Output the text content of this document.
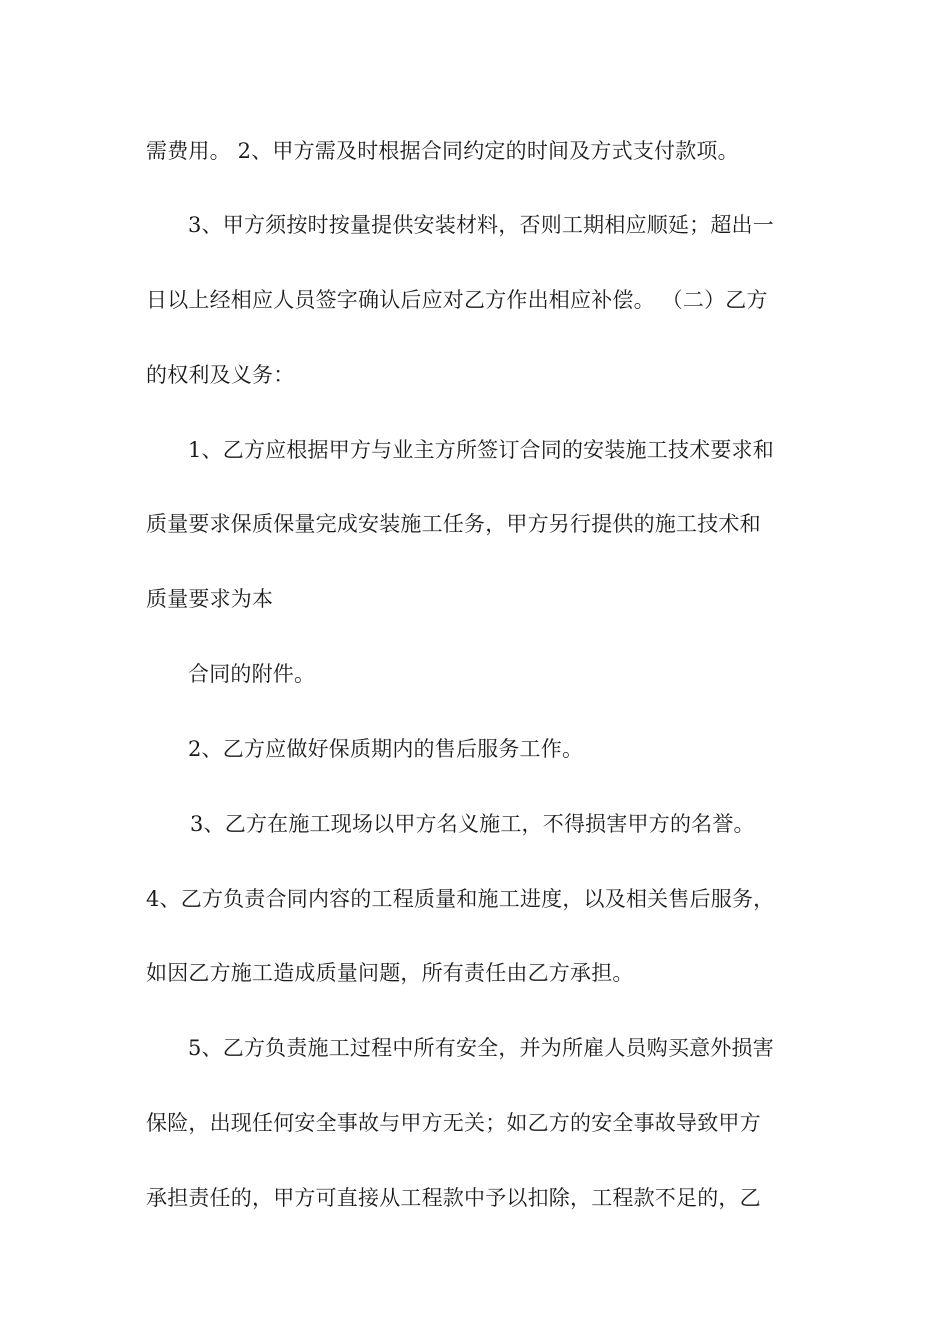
需费用。 2、甲方需及时根据合同约定的时间及方式支付款项。
3、甲方须按时按量提供安装材料，否则工期相应顺延；超出一
日以上经相应人员签字确认后应对乙方作出相应补偿。 （二）乙方
的权利及义务：
1、乙方应根据甲方与业主方所签订合同的安装施工技术要求和
质量要求保质保量完成安装施工任务，甲方另行提供的施工技术和
质量要求为本
合同的附件。
2、乙方应做好保质期内的售后服务工作。
3、乙方在施工现场以甲方名义施工，不得损害甲方的名誉。
4、乙方负责合同内容的工程质量和施工进度，以及相关售后服务，
如因乙方施工造成质量问题，所有责任由乙方承担。
5、乙方负责施工过程中所有安全，并为所雇人员购买意外损害
保险，出现任何安全事故与甲方无关；如乙方的安全事故导致甲方
承担责任的，甲方可直接从工程款中予以扣除，工程款不足的，乙
